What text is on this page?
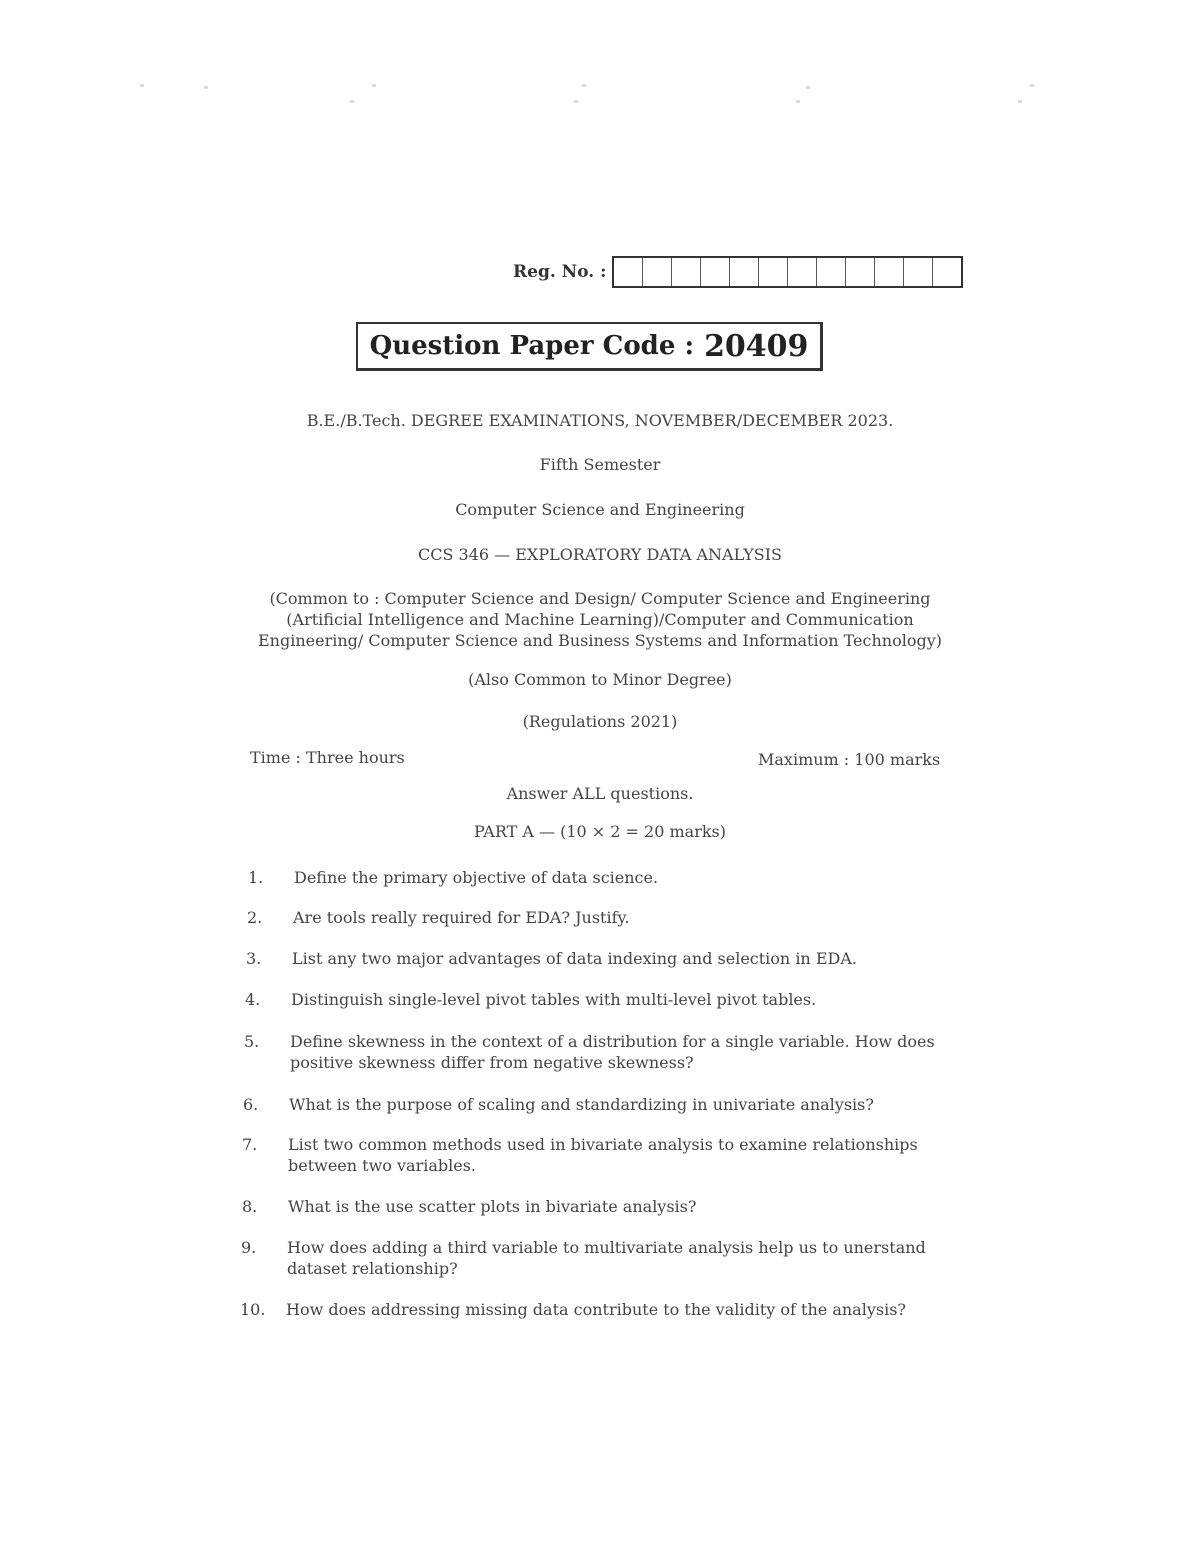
Reg. No. :
Question Paper Code : 20409
B.E./B.Tech. DEGREE EXAMINATIONS, NOVEMBER/DECEMBER 2023.
Fifth Semester
Computer Science and Engineering
CCS 346 — EXPLORATORY DATA ANALYSIS
(Common to : Computer Science and Design/ Computer Science and Engineering
(Artificial Intelligence and Machine Learning)/Computer and Communication
Engineering/ Computer Science and Business Systems and Information Technology)
(Also Common to Minor Degree)
(Regulations 2021)
Time : Three hours	Maximum : 100 marks
Answer ALL questions.
PART A — (10 × 2 = 20 marks)
1. Define the primary objective of data science.
2. Are tools really required for EDA? Justify.
3. List any two major advantages of data indexing and selection in EDA.
4. Distinguish single-level pivot tables with multi-level pivot tables.
5. Define skewness in the context of a distribution for a single variable. How does positive skewness differ from negative skewness?
6. What is the purpose of scaling and standardizing in univariate analysis?
7. List two common methods used in bivariate analysis to examine relationships between two variables.
8. What is the use scatter plots in bivariate analysis?
9. How does adding a third variable to multivariate analysis help us to unerstand dataset relationship?
10. How does addressing missing data contribute to the validity of the analysis?
